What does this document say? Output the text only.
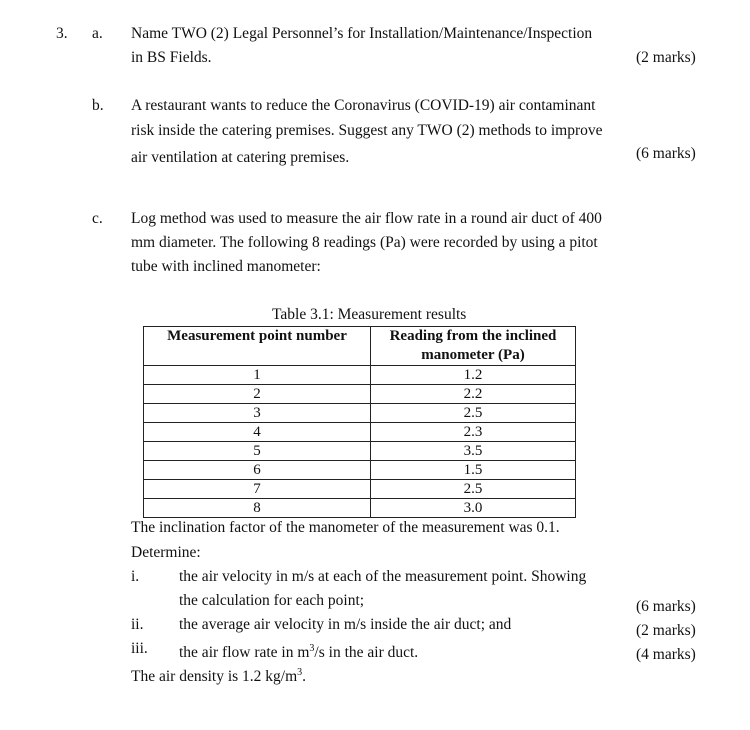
3. a. Name TWO (2) Legal Personnel’s for Installation/Maintenance/Inspection
in BS Fields.	(2 marks)
b. A restaurant wants to reduce the Coronavirus (COVID-19) air contaminant
risk inside the catering premises. Suggest any TWO (2) methods to improve
air ventilation at catering premises.	(6 marks)
c. Log method was used to measure the air flow rate in a round air duct of 400
mm diameter. The following 8 readings (Pa) were recorded by using a pitot
tube with inclined manometer:
Table 3.1: Measurement results
Measurement point number	Reading from the inclined manometer (Pa)
1	1.2
2	2.2
3	2.5
4	2.3
5	3.5
6	1.5
7	2.5
8	3.0
The inclination factor of the manometer of the measurement was 0.1.
Determine:
i.	the air velocity in m/s at each of the measurement point. Showing
the calculation for each point;	(6 marks)
ii. the average air velocity in m/s inside the air duct; and	(2 marks)
iii. the air flow rate in $m^3/s$ in the air duct.	(4 marks)
The air density is 1.2 $kg/m^3$.
